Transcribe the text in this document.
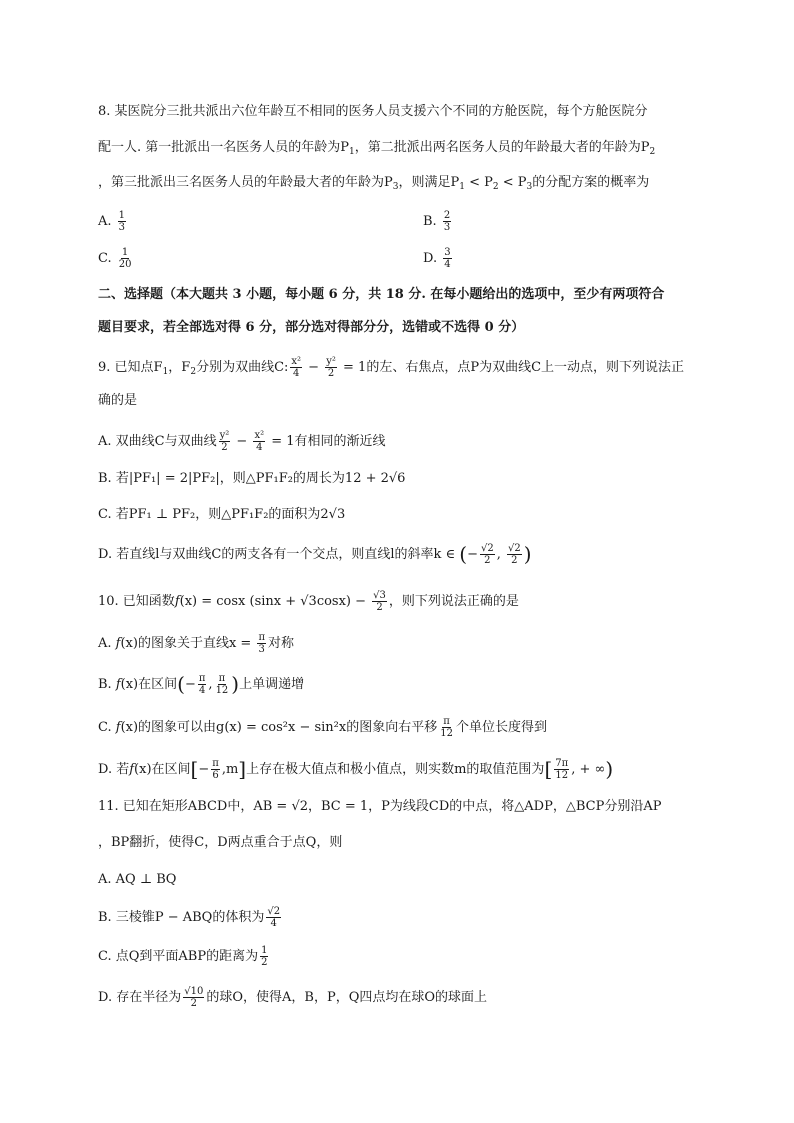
8. 某医院分三批共派出六位年龄互不相同的医务人员支援六个不同的方舱医院，每个方舱医院分
配一人. 第一批派出一名医务人员的年龄为$P_1$，第二批派出两名医务人员的年龄最大者的年龄为$P_2$
，第三批派出三名医务人员的年龄最大者的年龄为$P_3$，则满足$P_1 < P_2 < P_3$的分配方案的概率为
A. $\frac{1}{3}$	B. $\frac{2}{3}$
C. $\frac{1}{20}$	D. $\frac{3}{4}$
二、选择题（本大题共 3 小题，每小题 6 分，共 18 分. 在每小题给出的选项中，至少有两项符合
题目要求，若全部选对得 6 分，部分选对得部分分，选错或不选得 0 分）
9. 已知点$F_1$，$F_2$分别为双曲线C: $\frac{\text{x²}}{4} - \frac{\text{y²}}{2} = 1$的左、右焦点，点P为双曲线C上一动点，则下列说法正
确的是
A. 双曲线C与双曲线 $\frac{\text{y²}}{2} - \frac{\text{x²}}{4} = 1$有相同的渐近线
B. 若|PF₁| = 2|PF₂|，则△PF₁F₂的周长为12 + 2√6
C. 若PF₁ ⊥ PF₂，则△PF₁F₂的面积为2√3
D. 若直线l与双曲线C的两支各有一个交点，则直线l的斜率k ∈ (− $\frac{√2}{2}$ , $\frac{√2}{2}$ )
10. 已知函数f(x) = cosx $(\sin x + √3\cos x) - \frac{√3}{2}$ ，则下列说法正确的是
A. f(x)的图象关于直线$x = \frac{\pi}{3}$ 对称
B. f(x)在区间(− $\frac{\pi}{4}$ , $\frac{\pi}{12}$ )上单调递增
C. f(x)的图象可以由g(x) = cos²x − sin²x的图象向右平移 $\frac{\pi}{12}$ 个单位长度得到
D. 若f(x)在区间[− $\frac{\pi}{6} ,m$]上存在极大值点和极小值点，则实数m的取值范围为[ $\frac{7\pi}{12}$ , + ∞)
11. 已知在矩形ABCD中，AB = √2，BC = 1，P为线段CD的中点，将△ADP，△BCP分别沿AP
，BP翻折，使得C，D两点重合于点Q，则
A. AQ ⊥ BQ
B. 三棱锥P − ABQ的体积为 $\frac{√2}{4}$
C. 点Q到平面ABP的距离为 $\frac{1}{2}$
D. 存在半径为 $\frac{√10}{2}$ 的球O，使得A，B，P，Q四点均在球O的球面上
